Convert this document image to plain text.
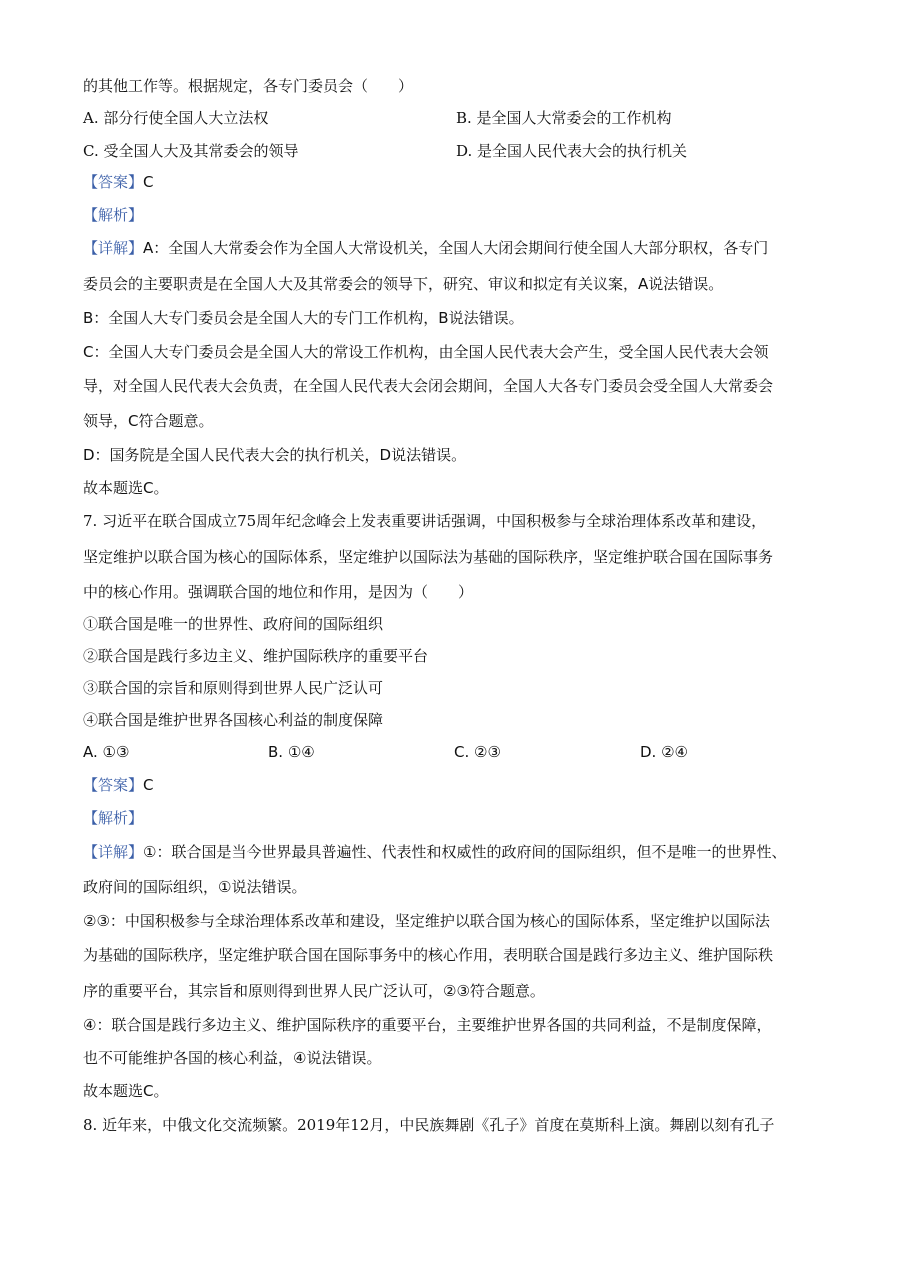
的其他工作等。根据规定，各专门委员会（　　）
A. 部分行使全国人大立法权	B. 是全国人大常委会的工作机构
C. 受全国人大及其常委会的领导	D. 是全国人民代表大会的执行机关
【答案】C
【解析】
【详解】A：全国人大常委会作为全国人大常设机关，全国人大闭会期间行使全国人大部分职权，各专门
委员会的主要职责是在全国人大及其常委会的领导下，研究、审议和拟定有关议案，A说法错误。
B：全国人大专门委员会是全国人大的专门工作机构，B说法错误。
C：全国人大专门委员会是全国人大的常设工作机构，由全国人民代表大会产生，受全国人民代表大会领
导，对全国人民代表大会负责，在全国人民代表大会闭会期间，全国人大各专门委员会受全国人大常委会
领导，C符合题意。
D：国务院是全国人民代表大会的执行机关，D说法错误。
故本题选C。
7. 习近平在联合国成立75周年纪念峰会上发表重要讲话强调，中国积极参与全球治理体系改革和建设，
坚定维护以联合国为核心的国际体系，坚定维护以国际法为基础的国际秩序，坚定维护联合国在国际事务
中的核心作用。强调联合国的地位和作用，是因为（　　）
①联合国是唯一的世界性、政府间的国际组织
②联合国是践行多边主义、维护国际秩序的重要平台
③联合国的宗旨和原则得到世界人民广泛认可
④联合国是维护世界各国核心利益的制度保障
A. ①③	B. ①④	C. ②③	D. ②④
【答案】C
【解析】
【详解】①：联合国是当今世界最具普遍性、代表性和权威性的政府间的国际组织，但不是唯一的世界性、
政府间的国际组织，①说法错误。
②③：中国积极参与全球治理体系改革和建设，坚定维护以联合国为核心的国际体系，坚定维护以国际法
为基础的国际秩序，坚定维护联合国在国际事务中的核心作用，表明联合国是践行多边主义、维护国际秩
序的重要平台，其宗旨和原则得到世界人民广泛认可，②③符合题意。
④：联合国是践行多边主义、维护国际秩序的重要平台，主要维护世界各国的共同利益，不是制度保障，
也不可能维护各国的核心利益，④说法错误。
故本题选C。
8. 近年来，中俄文化交流频繁。2019年12月，中民族舞剧《孔子》首度在莫斯科上演。舞剧以刻有孔子
